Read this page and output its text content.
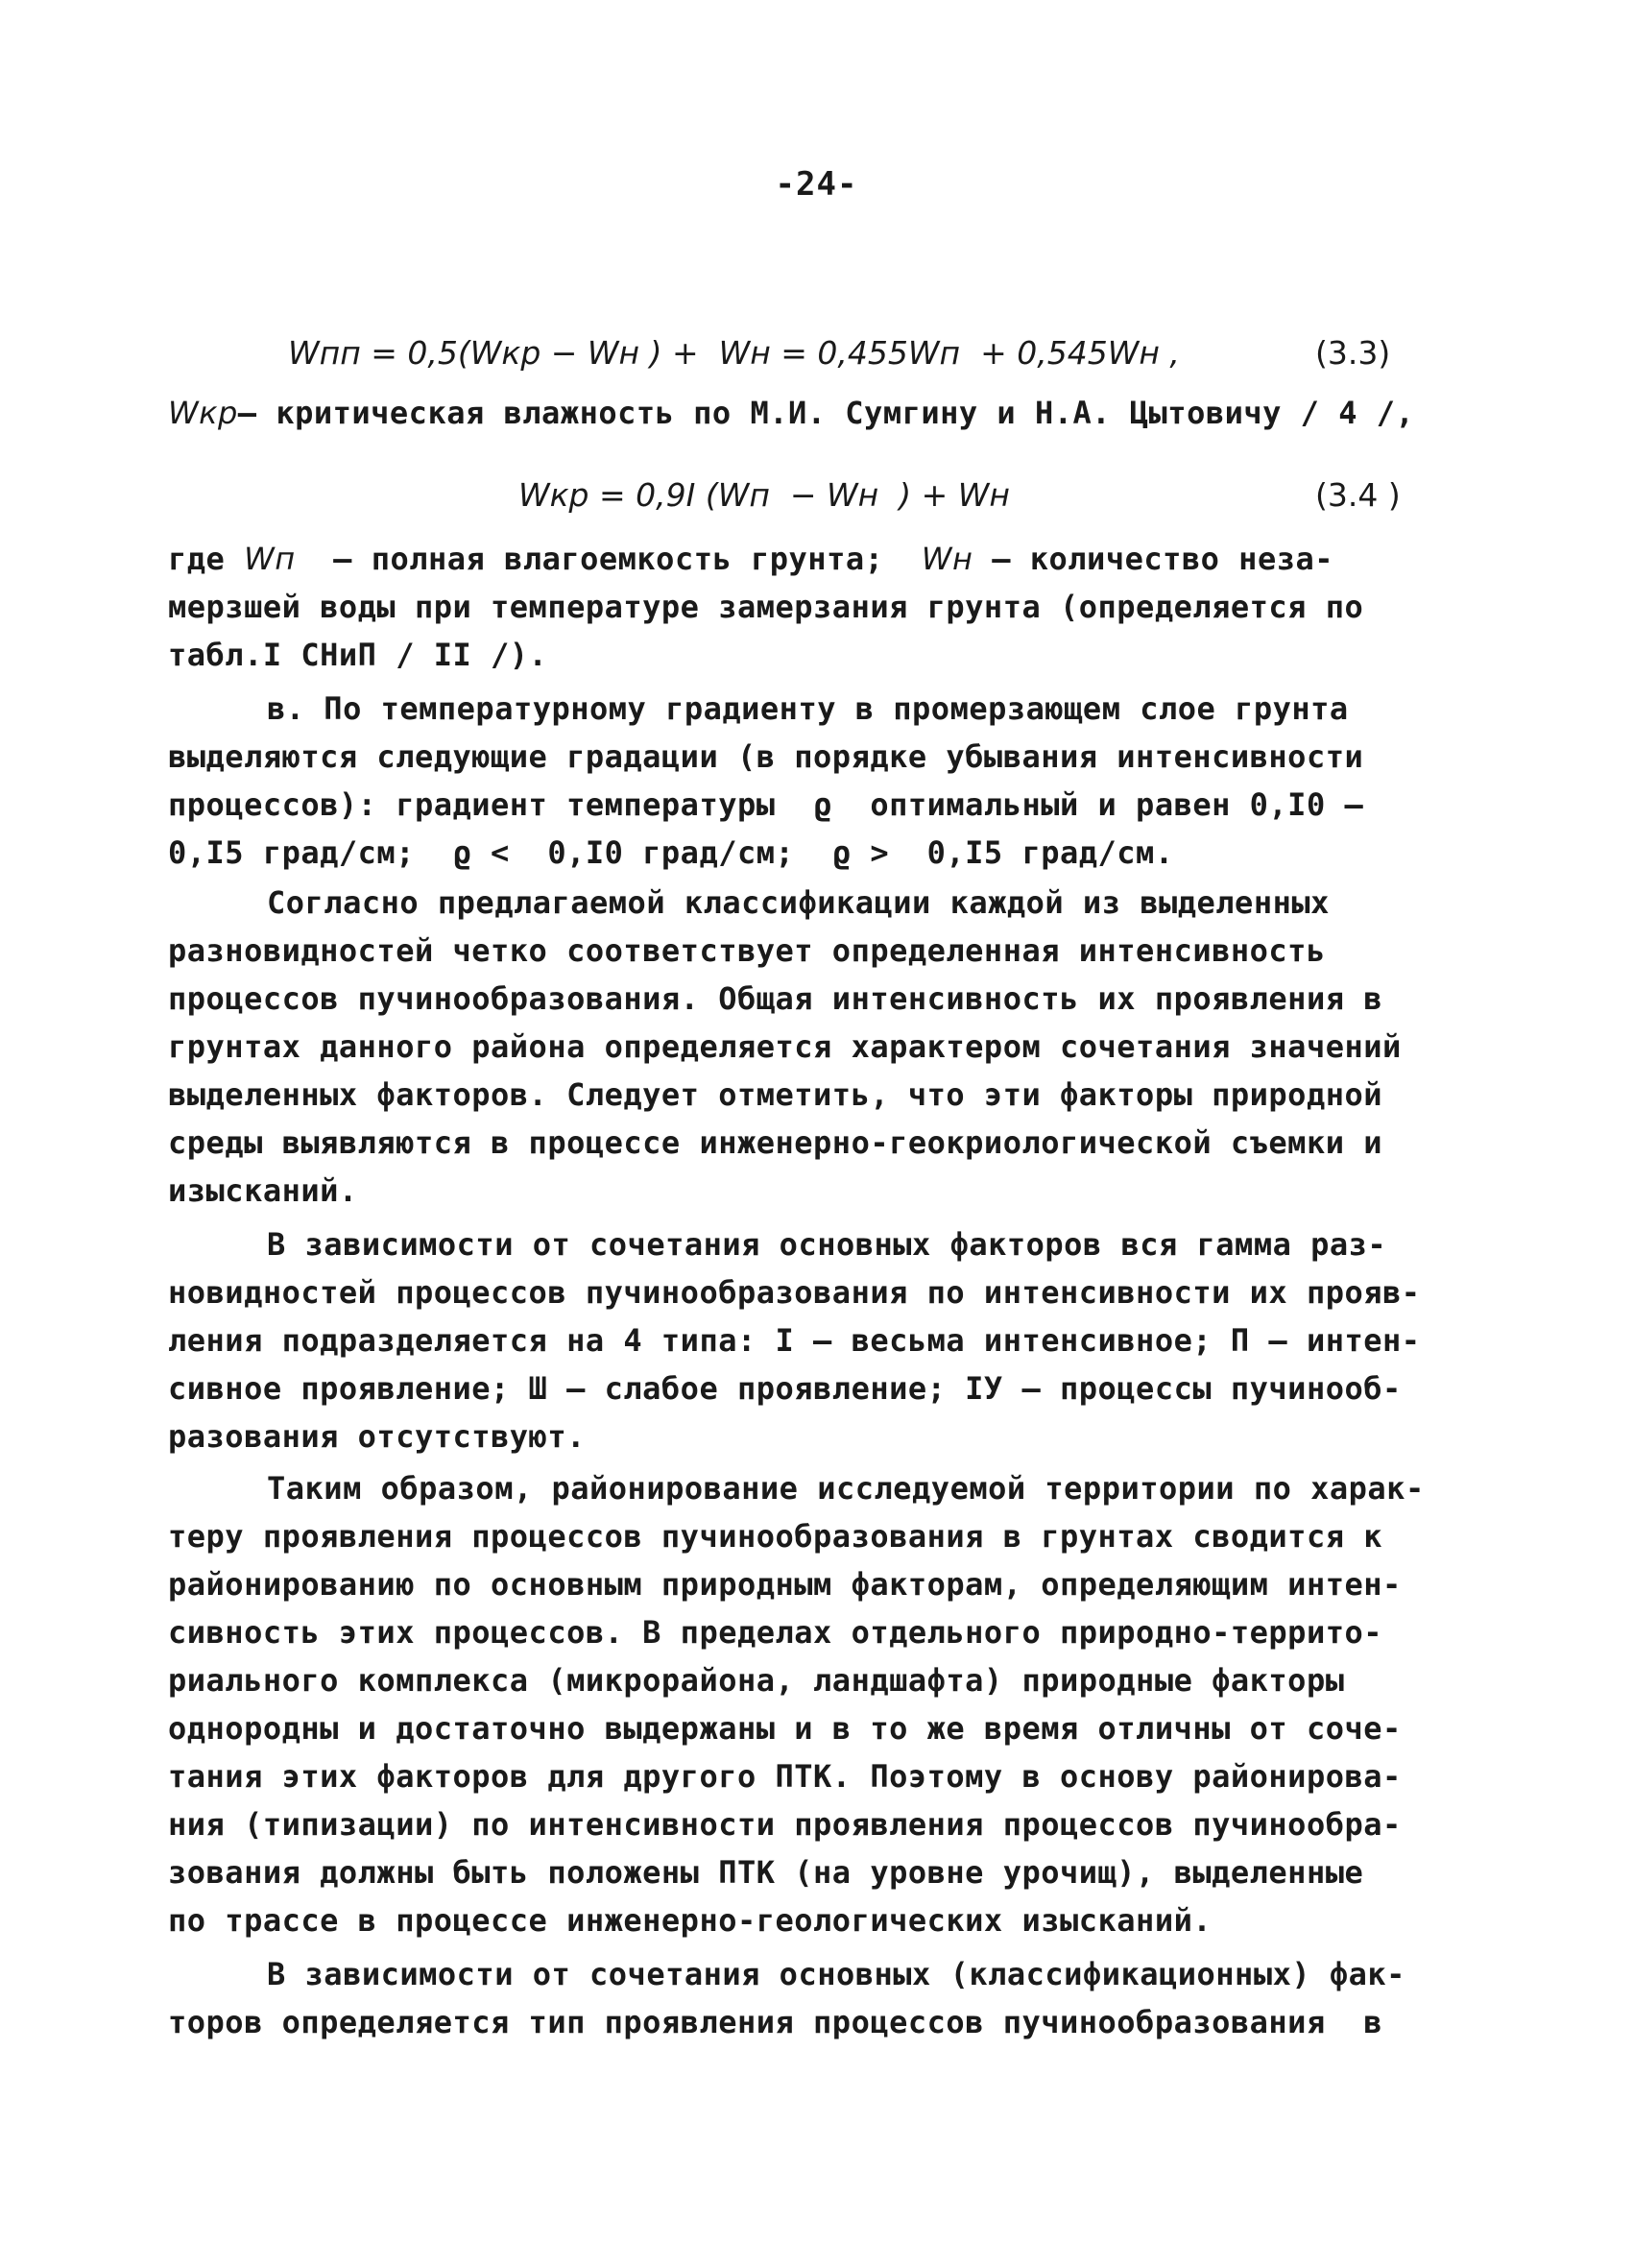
-24-
Wпп = 0,5(Wкр − Wн ) +  Wн = 0,455Wп  + 0,545Wн ,	(3.3)
Wкр– критическая влажность по М.И. Сумгину и Н.А. Цытовичу / 4 /,
Wкр = 0,9I (Wп  − Wн  ) + Wн	(3.4 )
где Wп – полная влагоемкость грунта; Wн – количество неза-
мерзшей воды при температуре замерзания грунта (определяется по
табл.I СНиП / II /).
в. По температурному градиенту в промерзающем слое грунта
выделяются следующие градации (в порядке убывания интенсивности
процессов): градиент температуры  ϱ  оптимальный и равен 0,I0 –
0,I5 град/см;  ϱ <  0,I0 град/см;  ϱ >  0,I5 град/см.
Согласно предлагаемой классификации каждой из выделенных
разновидностей четко соответствует определенная интенсивность
процессов пучинообразования. Общая интенсивность их проявления в
грунтах данного района определяется характером сочетания значений
выделенных факторов. Следует отметить, что эти факторы природной
среды выявляются в процессе инженерно-геокриологической съемки и
изысканий.
В зависимости от сочетания основных факторов вся гамма раз-
новидностей процессов пучинообразования по интенсивности их прояв-
ления подразделяется на 4 типа: I – весьма интенсивное; П – интен-
сивное проявление; Ш – слабое проявление; IУ – процессы пучинооб-
разования отсутствуют.
Таким образом, районирование исследуемой территории по харак-
теру проявления процессов пучинообразования в грунтах сводится к
районированию по основным природным факторам, определяющим интен-
сивность этих процессов. В пределах отдельного природно-террито-
риального комплекса (микрорайона, ландшафта) природные факторы
однородны и достаточно выдержаны и в то же время отличны от соче-
тания этих факторов для другого ПТК. Поэтому в основу районирова-
ния (типизации) по интенсивности проявления процессов пучинообра-
зования должны быть положены ПТК (на уровне урочищ), выделенные
по трассе в процессе инженерно-геологических изысканий.
В зависимости от сочетания основных (классификационных) фак-
торов определяется тип проявления процессов пучинообразования  в
